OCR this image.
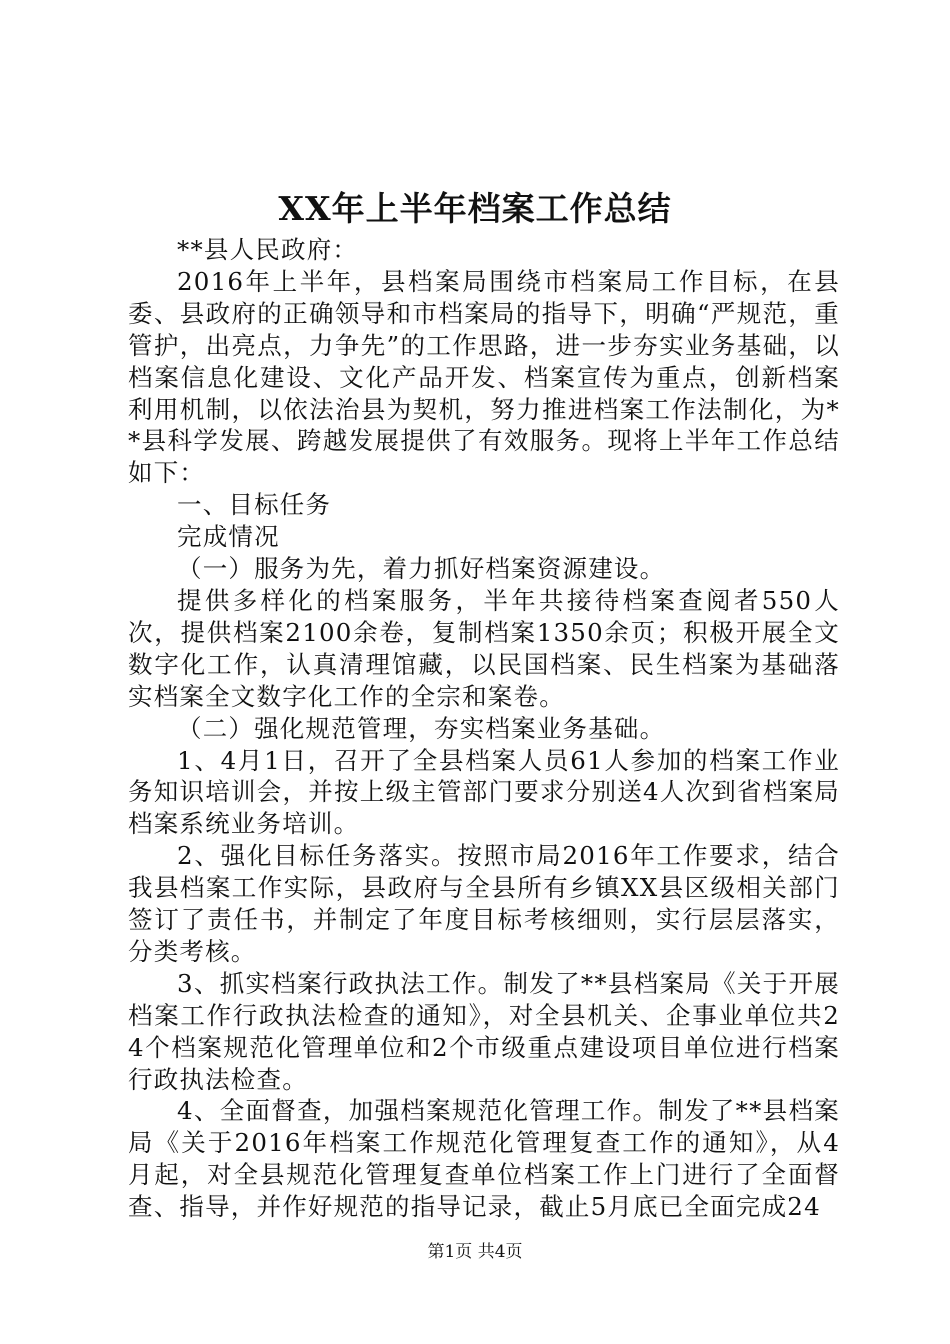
XX年上半年档案工作总结

**县人民政府：

2016年上半年，县档案局围绕市档案局工作目标，在县委、县政府的正确领导和市档案局的指导下，明确“严规范，重管护，出亮点，力争先”的工作思路，进一步夯实业务基础，以档案信息化建设、文化产品开发、档案宣传为重点，创新档案利用机制，以依法治县为契机，努力推进档案工作法制化，为**县科学发展、跨越发展提供了有效服务。现将上半年工作总结如下：

一、目标任务

完成情况

（一）服务为先，着力抓好档案资源建设。

提供多样化的档案服务，半年共接待档案查阅者550人次，提供档案2100余卷，复制档案1350余页；积极开展全文数字化工作，认真清理馆藏，以民国档案、民生档案为基础落实档案全文数字化工作的全宗和案卷。

（二）强化规范管理，夯实档案业务基础。

1、4月1日，召开了全县档案人员61人参加的档案工作业务知识培训会，并按上级主管部门要求分别送4人次到省档案局档案系统业务培训。

2、强化目标任务落实。按照市局2016年工作要求，结合我县档案工作实际，县政府与全县所有乡镇XX县区级相关部门签订了责任书，并制定了年度目标考核细则，实行层层落实，分类考核。

3、抓实档案行政执法工作。制发了**县档案局《关于开展档案工作行政执法检查的通知》，对全县机关、企事业单位共24个档案规范化管理单位和2个市级重点建设项目单位进行档案行政执法检查。

4、全面督查，加强档案规范化管理工作。制发了**县档案局《关于2016年档案工作规范化管理复查工作的通知》，从4月起，对全县规范化管理复查单位档案工作上门进行了全面督查、指导，并作好规范的指导记录，截止5月底已全面完成24

第1页 共4页
